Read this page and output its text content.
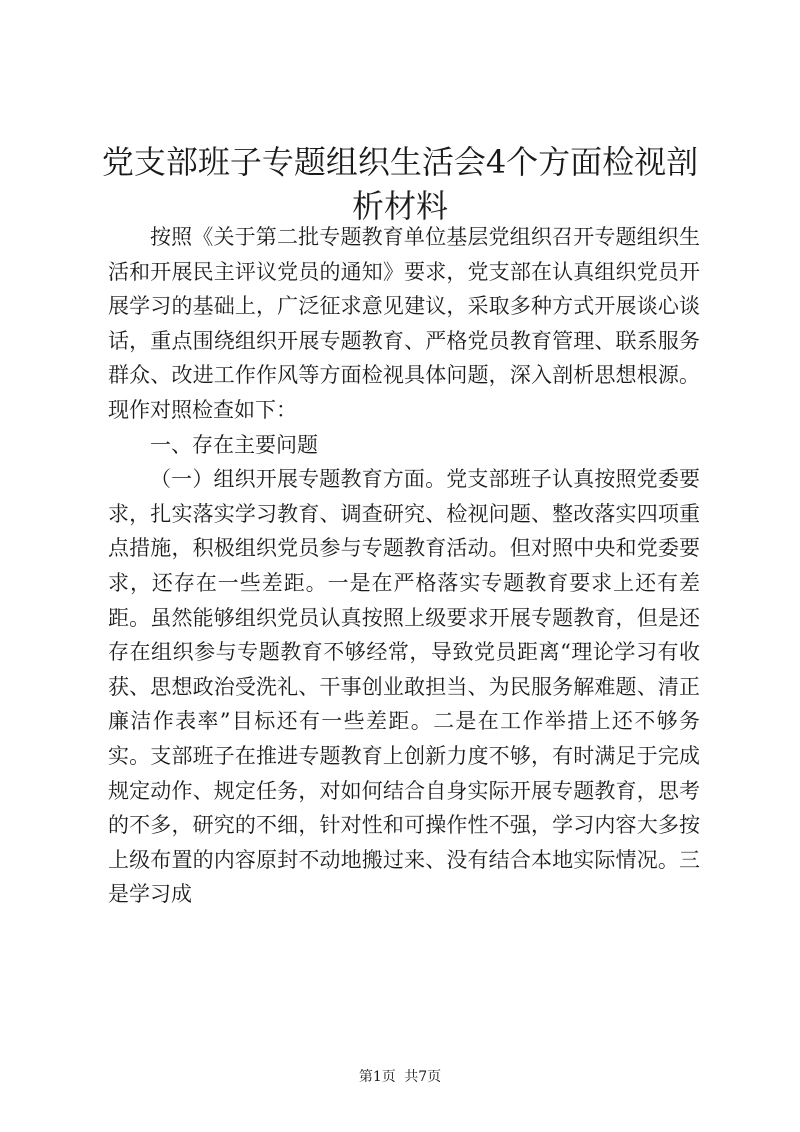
党支部班子专题组织生活会4个方面检视剖析材料

按照《关于第二批专题教育单位基层党组织召开专题组织生活和开展民主评议党员的通知》要求，党支部在认真组织党员开展学习的基础上，广泛征求意见建议，采取多种方式开展谈心谈话，重点围绕组织开展专题教育、严格党员教育管理、联系服务群众、改进工作作风等方面检视具体问题，深入剖析思想根源。现作对照检查如下：

一、存在主要问题

（一）组织开展专题教育方面。党支部班子认真按照党委要求，扎实落实学习教育、调查研究、检视问题、整改落实四项重点措施，积极组织党员参与专题教育活动。但对照中央和党委要求，还存在一些差距。一是在严格落实专题教育要求上还有差距。虽然能够组织党员认真按照上级要求开展专题教育，但是还存在组织参与专题教育不够经常，导致党员距离“理论学习有收获、思想政治受洗礼、干事创业敢担当、为民服务解难题、清正廉洁作表率”目标还有一些差距。二是在工作举措上还不够务实。支部班子在推进专题教育上创新力度不够，有时满足于完成规定动作、规定任务，对如何结合自身实际开展专题教育，思考的不多，研究的不细，针对性和可操作性不强，学习内容大多按上级布置的内容原封不动地搬过来、没有结合本地实际情况。三是学习成

第1页 共7页
